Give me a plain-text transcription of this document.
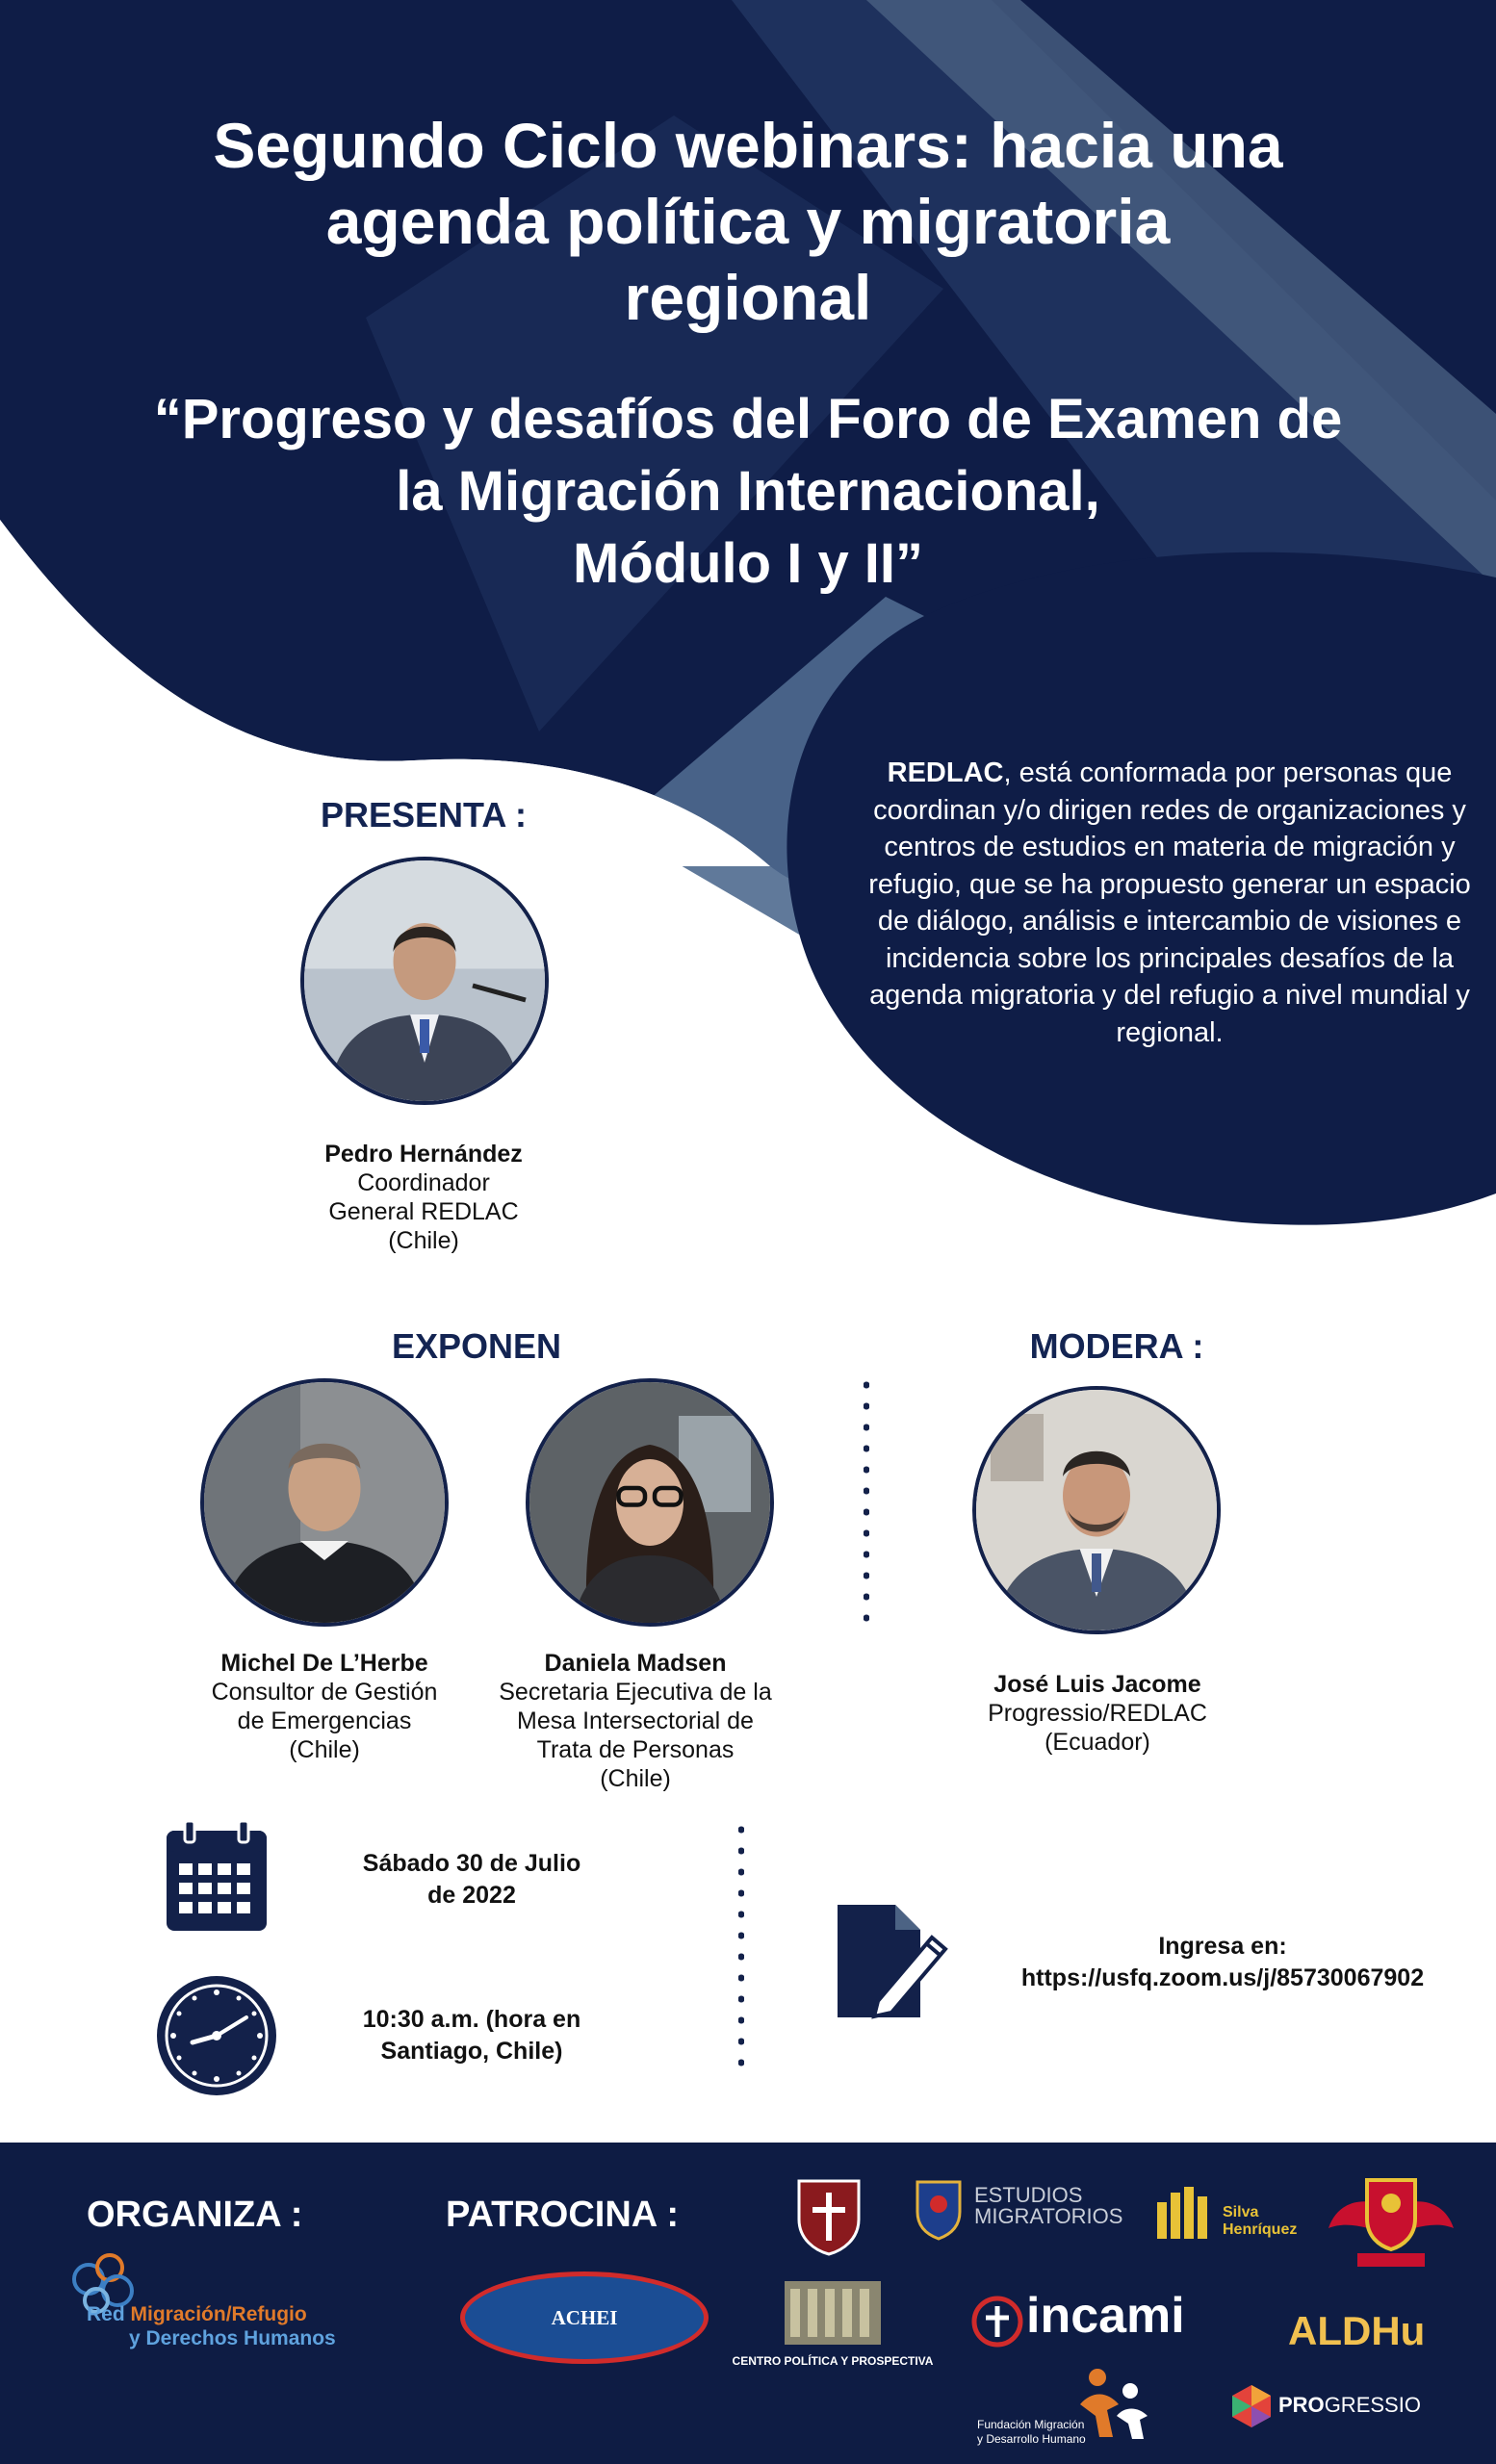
Segundo Ciclo webinars: hacia una
agenda política y migratoria
regional
“Progreso y desafíos del Foro de Examen de
la Migración Internacional,
Módulo I y II”
REDLAC, está conformada por personas que coordinan y/o dirigen redes de organizaciones y centros de estudios en materia de migración y refugio, que se ha propuesto generar un espacio de diálogo, análisis e intercambio de visiones e incidencia sobre los principales desafíos de la agenda migratoria y del refugio a nivel mundial y regional.
PRESENTA :
Pedro Hernández
Coordinador
General REDLAC
(Chile)
EXPONEN
Michel De L’Herbe
Consultor de Gestión
de Emergencias
(Chile)
Daniela Madsen
Secretaria Ejecutiva de la
Mesa Intersectorial de
Trata de Personas
(Chile)
MODERA :
José Luis Jacome
Progressio/REDLAC
(Ecuador)
Sábado 30 de Julio
de 2022
10:30 a.m. (hora en
Santiago, Chile)
Ingresa en:
https://usfq.zoom.us/j/85730067902
ORGANIZA :	PATROCINA :
Red Migración/Refugio
y Derechos Humanos
ACHEI
ESTUDIOS
MIGRATORIOS	Silva
Henríquez
CENTRO POLÍTICA Y PROSPECTIVA
incami	ALDHu
Fundación Migración
y Desarrollo Humano
PROGRESSIO
